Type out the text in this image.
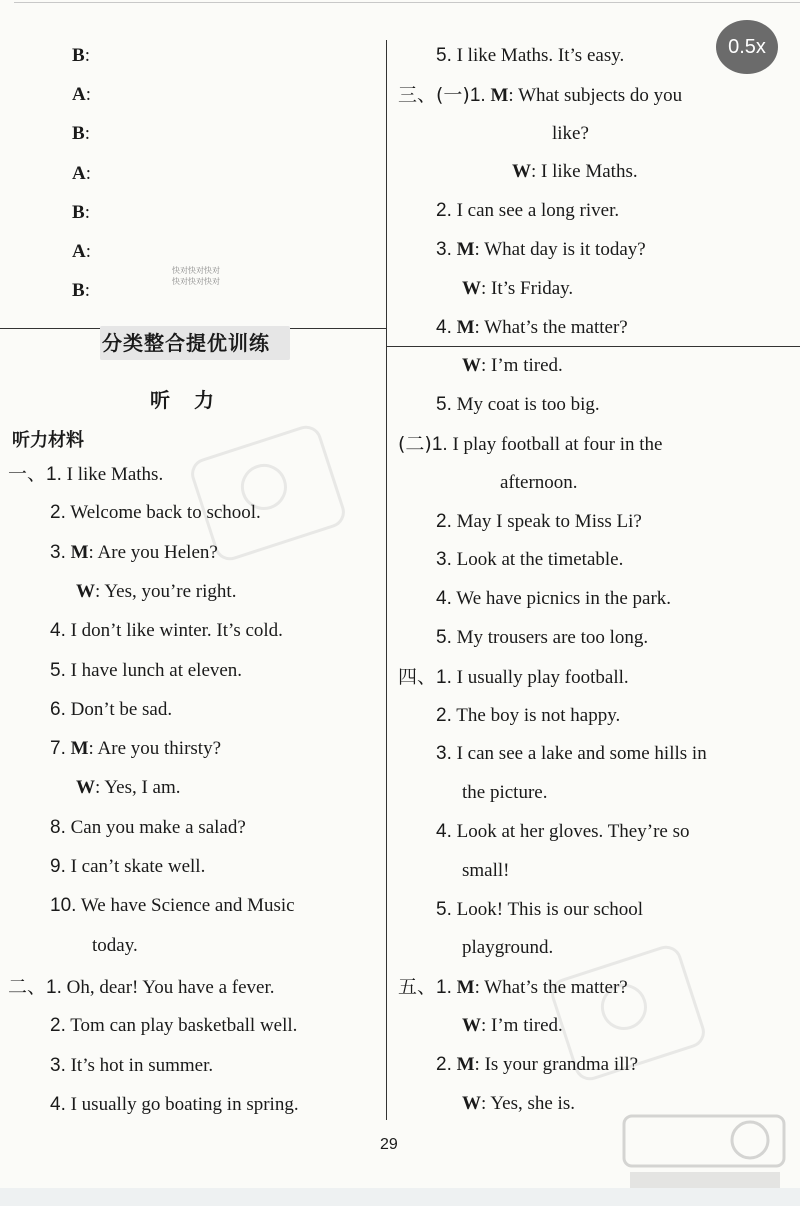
快对快对快对
快对快对快对
0.5x
B:
A:
B:
A:
B:
A:
B:
分类整合提优训练
听力
听力材料
一、1. I like Maths.
2. Welcome back to school.
3. M: Are you Helen?
W: Yes, you’re right.
4. I don’t like winter. It’s cold.
5. I have lunch at eleven.
6. Don’t be sad.
7. M: Are you thirsty?
W: Yes, I am.
8. Can you make a salad?
9. I can’t skate well.
10. We have Science and Music
today.
二、1. Oh, dear! You have a fever.
2. Tom can play basketball well.
3. It’s hot in summer.
4. I usually go boating in spring.
5. I like Maths. It’s easy.
三、(一)1. M: What subjects do you
like?
W: I like Maths.
2. I can see a long river.
3. M: What day is it today?
W: It’s Friday.
4. M: What’s the matter?
W: I’m tired.
5. My coat is too big.
(二)1. I play football at four in the
afternoon.
2. May I speak to Miss Li?
3. Look at the timetable.
4. We have picnics in the park.
5. My trousers are too long.
四、1. I usually play football.
2. The boy is not happy.
3. I can see a lake and some hills in
the picture.
4. Look at her gloves. They’re so
small!
5. Look! This is our school
playground.
五、1. M: What’s the matter?
W: I’m tired.
2. M: Is your grandma ill?
W: Yes, she is.
29
